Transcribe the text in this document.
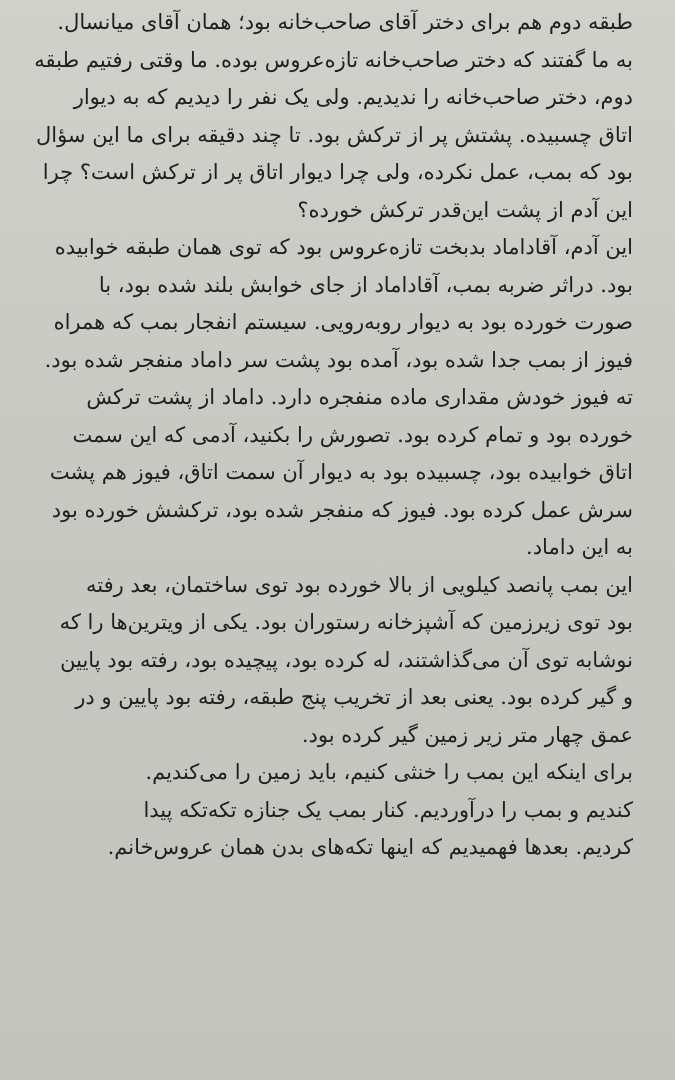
طبقه دوم هم برای دختر آقای صاحب‌خانه بود؛ همان آقای میانسال.
به ما گفتند که دختر صاحب‌خانه تازه‌عروس بوده. ما وقتی رفتیم طبقه
دوم، دختر صاحب‌خانه را ندیدیم. ولی یک نفر را دیدیم که به دیوار
اتاق چسبیده. پشتش پر از ترکش بود. تا چند دقیقه برای ما این سؤال
بود که بمب، عمل نکرده، ولی چرا دیوار اتاق پر از ترکش است؟ چرا
این آدم از پشت این‌قدر ترکش خورده؟

این آدم، آقاداماد بدبخت تازه‌عروس بود که توی همان طبقه خوابیده
بود. دراثر ضربه بمب، آقاداماد از جای خوابش بلند شده بود، با
صورت خورده بود به دیوار روبه‌رویی. سیستم انفجار بمب که همراه
فیوز از بمب جدا شده بود، آمده بود پشت سر داماد منفجر شده بود.
ته فیوز خودش مقداری ماده منفجره دارد. داماد از پشت ترکش
خورده بود و تمام کرده بود. تصورش را بکنید، آدمی که این سمت
اتاق خوابیده بود، چسبیده بود به دیوار آن سمت اتاق، فیوز هم پشت
سرش عمل کرده بود. فیوز که منفجر شده بود، ترکشش خورده بود
به این داماد.

این بمب پانصد کیلویی از بالا خورده بود توی ساختمان، بعد رفته
بود توی زیرزمین که آشپزخانه رستوران بود. یکی از ویترین‌ها را که
نوشابه توی آن می‌گذاشتند، له کرده بود، پیچیده بود، رفته بود پایین
و گیر کرده بود. یعنی بعد از تخریب پنج طبقه، رفته بود پایین و در
عمق چهار متر زیر زمین گیر کرده بود.

برای اینکه این بمب را خنثی کنیم، باید زمین را می‌کندیم.
کندیم و بمب را درآوردیم. کنار بمب یک جنازه تکه‌تکه پیدا
کردیم. بعدها فهمیدیم که اینها تکه‌های بدن همان عروس‌خانم.
